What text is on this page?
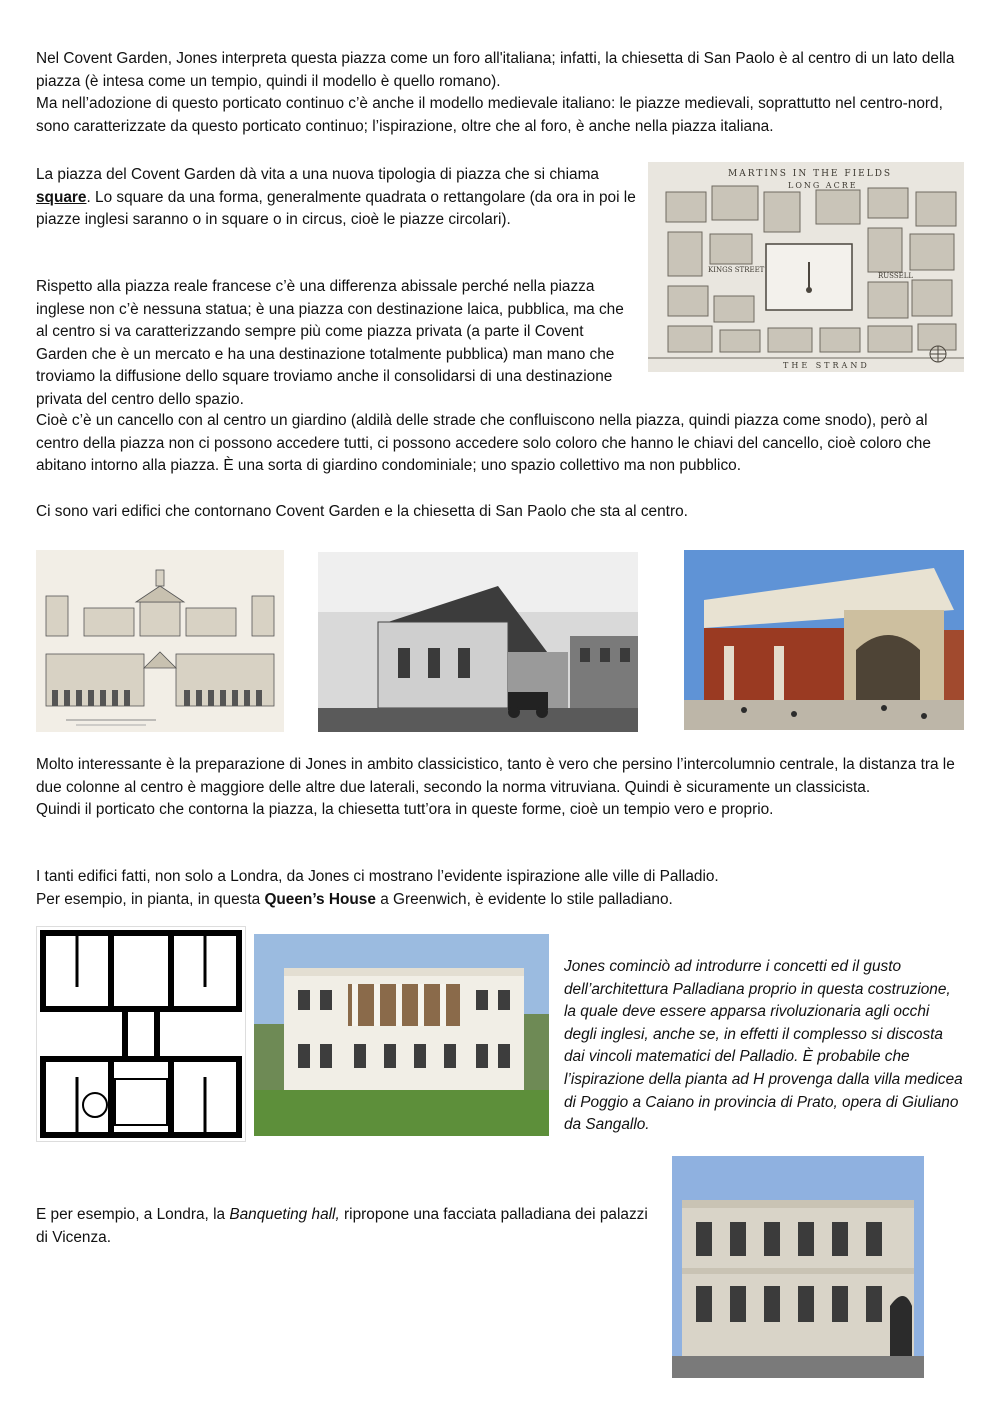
Nel Covent Garden, Jones interpreta questa piazza come un foro all'italiana; infatti, la chiesetta di San Paolo è al centro di un lato della piazza (è intesa come un tempio, quindi il modello è quello romano).

Ma nell’adozione di questo porticato continuo c’è anche il modello medievale italiano: le piazze medievali, soprattutto nel centro-nord, sono caratterizzate da questo porticato continuo; l’ispirazione, oltre che al foro, è anche nella piazza italiana.

La piazza del Covent Garden dà vita a una nuova tipologia di piazza che si chiama square. Lo square da una forma, generalmente quadrata o rettangolare (da ora in poi le piazze inglesi saranno o in square o in circus, cioè le piazze circolari).

Rispetto alla piazza reale francese c’è una differenza abissale perché nella piazza inglese non c’è nessuna statua; è una piazza con destinazione laica, pubblica, ma che al centro si va caratterizzando sempre più come piazza privata (a parte il Covent Garden che è un mercato e ha una destinazione totalmente pubblica) man mano che troviamo la diffusione dello square troviamo anche il consolidarsi di una destinazione privata del centro dello spazio.

Cioè c’è un cancello con al centro un giardino (aldilà delle strade che confluiscono nella piazza, quindi piazza come snodo), però al centro della piazza non ci possono accedere tutti, ci possono accedere solo coloro che hanno le chiavi del cancello, cioè coloro che abitano intorno alla piazza. È una sorta di giardino condominiale; uno spazio collettivo ma non pubblico.

Ci sono vari edifici che contornano Covent Garden e la chiesetta di San Paolo che sta al centro.

MARTINS IN THE FIELDS
LONG ACRE
KINGS STREET
RUSSELL
THE STRAND

Molto interessante è la preparazione di Jones in ambito classicistico, tanto è vero che persino l’intercolumnio centrale, la distanza tra le due colonne al centro è maggiore delle altre due laterali, secondo la norma vitruviana. Quindi è sicuramente un classicista.

Quindi il porticato che contorna la piazza, la chiesetta tutt’ora in queste forme, cioè un tempio vero e proprio.

I tanti edifici fatti, non solo a Londra, da Jones ci mostrano l’evidente ispirazione alle ville di Palladio.

Per esempio, in pianta, in questa Queen’s House a Greenwich, è evidente lo stile palladiano.

Jones cominciò ad introdurre i concetti ed il gusto dell’architettura Palladiana proprio in questa costruzione, la quale deve essere apparsa rivoluzionaria agli occhi degli inglesi, anche se, in effetti il complesso si discosta dai vincoli matematici del Palladio. È probabile che l’ispirazione della pianta ad H provenga dalla villa medicea di Poggio a Caiano in provincia di Prato, opera di Giuliano da Sangallo.

E per esempio, a Londra, la Banqueting hall, ripropone una facciata palladiana dei palazzi di Vicenza.
